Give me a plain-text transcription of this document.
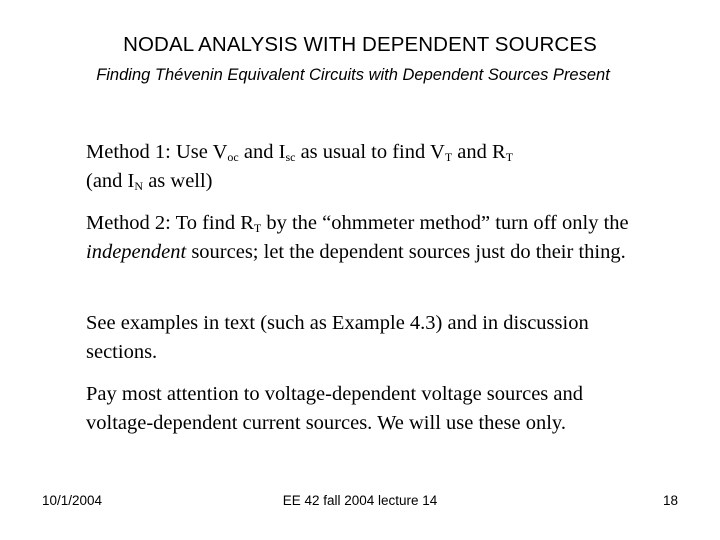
NODAL ANALYSIS WITH DEPENDENT SOURCES
Finding Thévenin Equivalent Circuits with Dependent Sources Present
Method 1: Use $V_{oc}$ and $I_{sc}$ as usual to find $V_T$ and $R_T$
(and $I_N$ as well)
Method 2: To find $R_T$ by the “ohmmeter method” turn off only the independent sources; let the dependent sources just do their thing.
See examples in text (such as Example 4.3) and in discussion sections.
Pay most attention to voltage-dependent voltage sources and voltage-dependent current sources. We will use these only.
10/1/2004	EE 42 fall 2004 lecture 14	18
